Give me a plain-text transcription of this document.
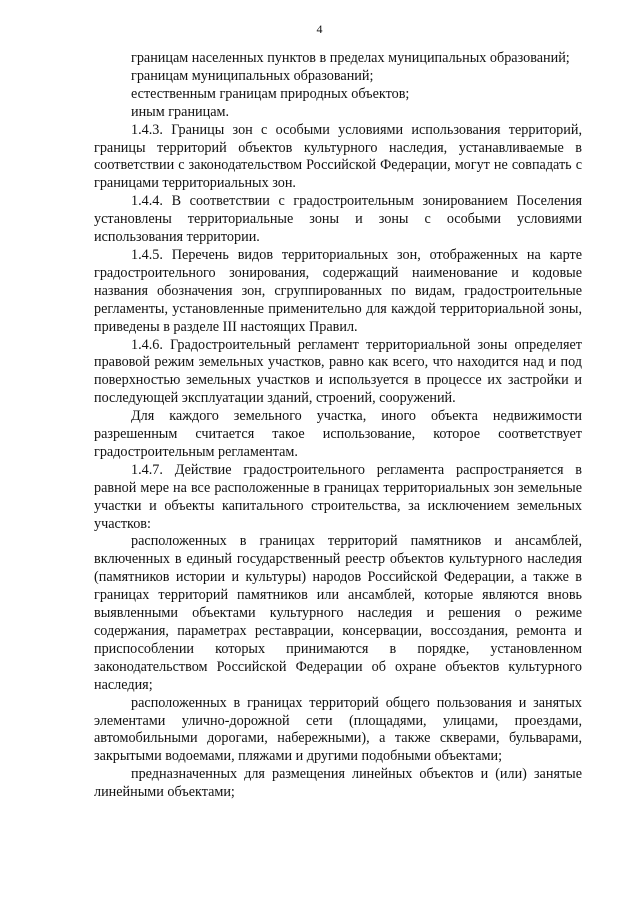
4

границам населенных пунктов в пределах муниципальных образований;

границам муниципальных образований;

естественным границам природных объектов;

иным границам.

1.4.3. Границы зон с особыми условиями использования территорий, границы территорий объектов культурного наследия, устанавливаемые в соответствии с законодательством Российской Федерации, могут не совпадать с границами территориальных зон.

1.4.4. В соответствии с градостроительным зонированием Поселения установлены территориальные зоны и зоны с особыми условиями использования территории.

1.4.5. Перечень видов территориальных зон, отображенных на карте градостроительного зонирования, содержащий наименование и кодовые названия обозначения зон, сгруппированных по видам, градостроительные регламенты, установленные применительно для каждой территориальной зоны, приведены в разделе III настоящих Правил.

1.4.6. Градостроительный регламент территориальной зоны определяет правовой режим земельных участков, равно как всего, что находится над и под поверхностью земельных участков и используется в процессе их застройки и последующей эксплуатации зданий, строений, сооружений.

Для каждого земельного участка, иного объекта недвижимости разрешенным считается такое использование, которое соответствует градостроительным регламентам.

1.4.7. Действие градостроительного регламента распространяется в равной мере на все расположенные в границах территориальных зон земельные участки и объекты капитального строительства, за исключением земельных участков:

расположенных в границах территорий памятников и ансамблей, включенных в единый государственный реестр объектов культурного наследия (памятников истории и культуры) народов Российской Федерации, а также в границах территорий памятников или ансамблей, которые являются вновь выявленными объектами культурного наследия и решения о режиме содержания, параметрах реставрации, консервации, воссоздания, ремонта и приспособлении которых принимаются в порядке, установленном законодательством Российской Федерации об охране объектов культурного наследия;

расположенных в границах территорий общего пользования и занятых элементами улично-дорожной сети (площадями, улицами, проездами, автомобильными дорогами, набережными), а также скверами, бульварами, закрытыми водоемами, пляжами и другими подобными объектами;

предназначенных для размещения линейных объектов и (или) занятые линейными объектами;
